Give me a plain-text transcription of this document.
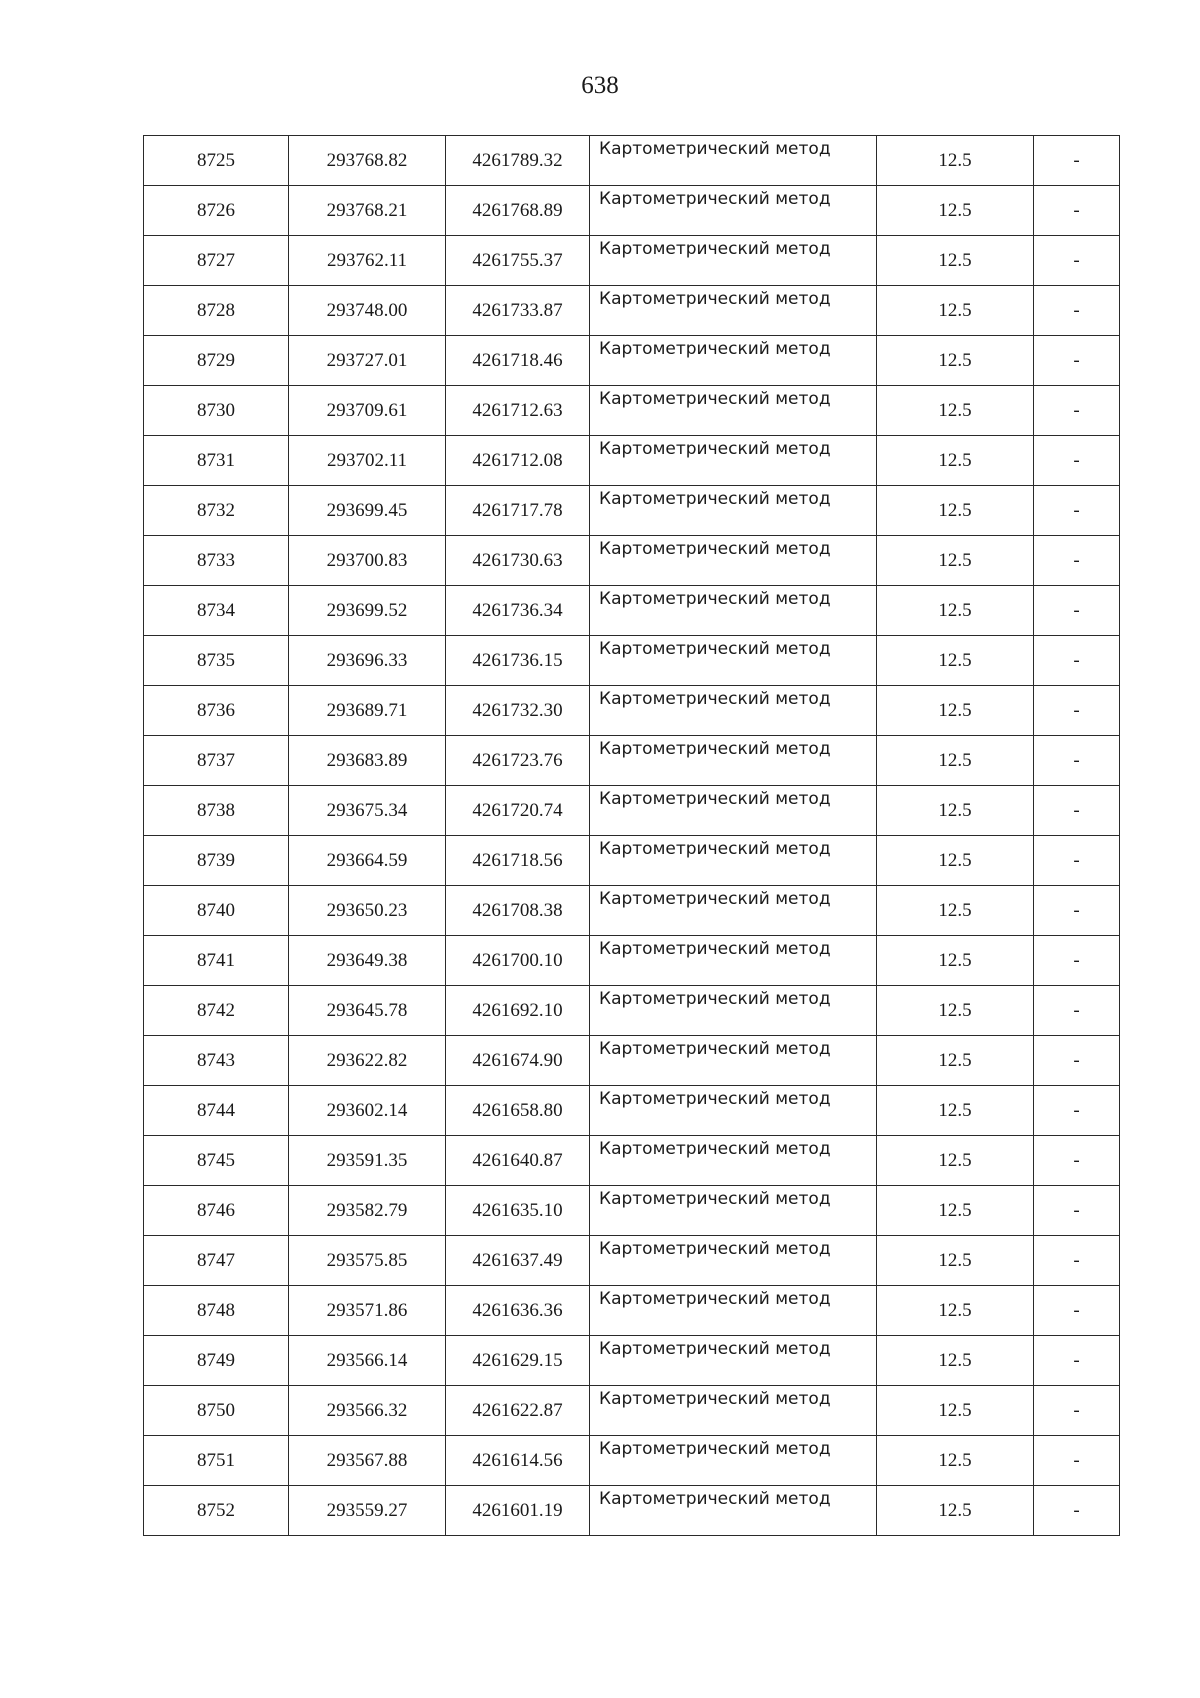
638
8725	293768.82	4261789.32	Картометрический метод	12.5	-
8726	293768.21	4261768.89	Картометрический метод	12.5	-
8727	293762.11	4261755.37	Картометрический метод	12.5	-
8728	293748.00	4261733.87	Картометрический метод	12.5	-
8729	293727.01	4261718.46	Картометрический метод	12.5	-
8730	293709.61	4261712.63	Картометрический метод	12.5	-
8731	293702.11	4261712.08	Картометрический метод	12.5	-
8732	293699.45	4261717.78	Картометрический метод	12.5	-
8733	293700.83	4261730.63	Картометрический метод	12.5	-
8734	293699.52	4261736.34	Картометрический метод	12.5	-
8735	293696.33	4261736.15	Картометрический метод	12.5	-
8736	293689.71	4261732.30	Картометрический метод	12.5	-
8737	293683.89	4261723.76	Картометрический метод	12.5	-
8738	293675.34	4261720.74	Картометрический метод	12.5	-
8739	293664.59	4261718.56	Картометрический метод	12.5	-
8740	293650.23	4261708.38	Картометрический метод	12.5	-
8741	293649.38	4261700.10	Картометрический метод	12.5	-
8742	293645.78	4261692.10	Картометрический метод	12.5	-
8743	293622.82	4261674.90	Картометрический метод	12.5	-
8744	293602.14	4261658.80	Картометрический метод	12.5	-
8745	293591.35	4261640.87	Картометрический метод	12.5	-
8746	293582.79	4261635.10	Картометрический метод	12.5	-
8747	293575.85	4261637.49	Картометрический метод	12.5	-
8748	293571.86	4261636.36	Картометрический метод	12.5	-
8749	293566.14	4261629.15	Картометрический метод	12.5	-
8750	293566.32	4261622.87	Картометрический метод	12.5	-
8751	293567.88	4261614.56	Картометрический метод	12.5	-
8752	293559.27	4261601.19	Картометрический метод	12.5	-
